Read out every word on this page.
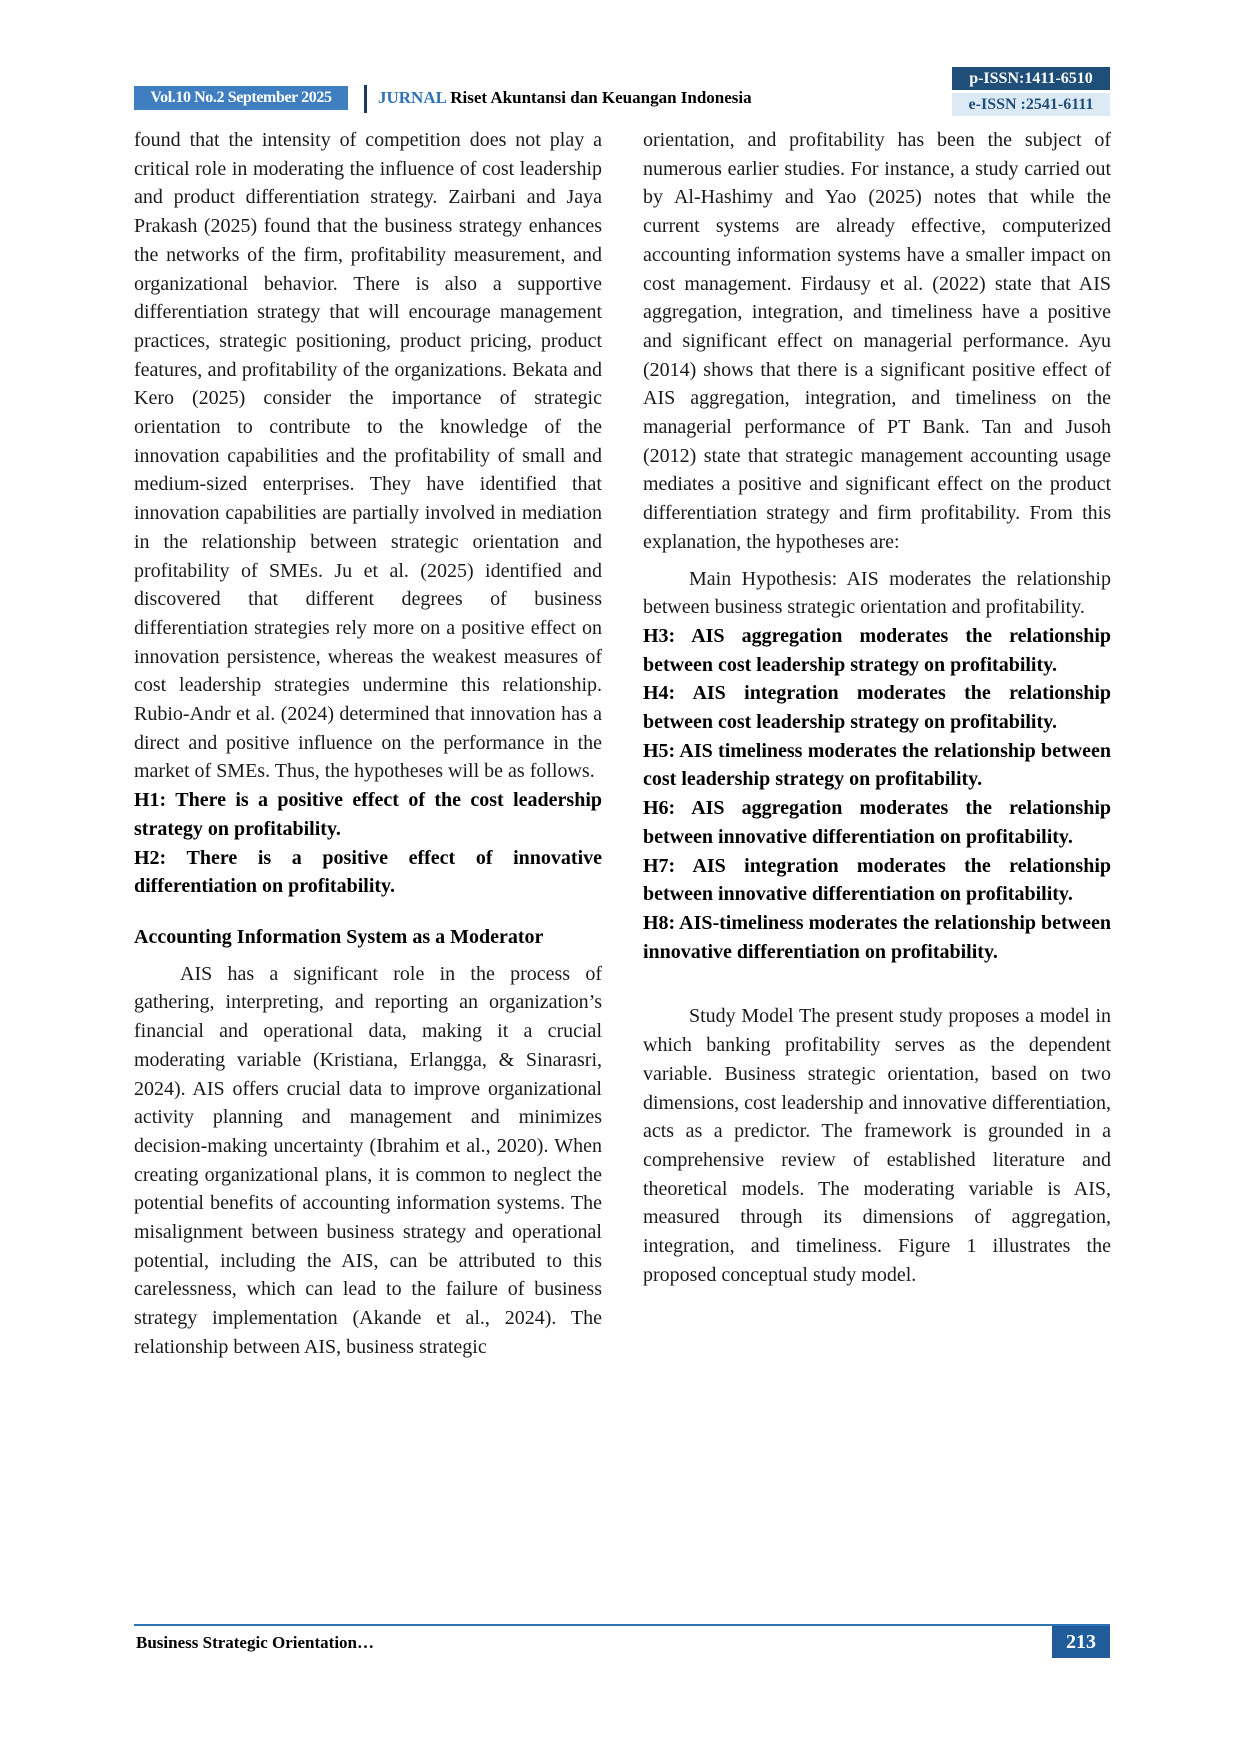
Vol.10 No.2 September 2025	JURNAL Riset Akuntansi dan Keuangan Indonesia
p-ISSN:1411-6510
e-ISSN :2541-6111

found that the intensity of competition does not play a critical role in moderating the influence of cost leadership and product differentiation strategy. Zairbani and Jaya Prakash (2025) found that the business strategy enhances the networks of the firm, profitability measurement, and organizational behavior. There is also a supportive differentiation strategy that will encourage management practices, strategic positioning, product pricing, product features, and profitability of the organizations. Bekata and Kero (2025) consider the importance of strategic orientation to contribute to the knowledge of the innovation capabilities and the profitability of small and medium-sized enterprises. They have identified that innovation capabilities are partially involved in mediation in the relationship between strategic orientation and profitability of SMEs. Ju et al. (2025) identified and discovered that different degrees of business differentiation strategies rely more on a positive effect on innovation persistence, whereas the weakest measures of cost leadership strategies undermine this relationship. Rubio-Andr et al. (2024) determined that innovation has a direct and positive influence on the performance in the market of SMEs. Thus, the hypotheses will be as follows.

H1: There is a positive effect of the cost leadership strategy on profitability.

H2: There is a positive effect of innovative differentiation on profitability.

Accounting Information System as a Moderator

AIS has a significant role in the process of gathering, interpreting, and reporting an organization’s financial and operational data, making it a crucial moderating variable (Kristiana, Erlangga, & Sinarasri, 2024). AIS offers crucial data to improve organizational activity planning and management and minimizes decision-making uncertainty (Ibrahim et al., 2020). When creating organizational plans, it is common to neglect the potential benefits of accounting information systems. The misalignment between business strategy and operational potential, including the AIS, can be attributed to this carelessness, which can lead to the failure of business strategy implementation (Akande et al., 2024). The relationship between AIS, business strategic

orientation, and profitability has been the subject of numerous earlier studies. For instance, a study carried out by Al-Hashimy and Yao (2025) notes that while the current systems are already effective, computerized accounting information systems have a smaller impact on cost management. Firdausy et al. (2022) state that AIS aggregation, integration, and timeliness have a positive and significant effect on managerial performance. Ayu (2014) shows that there is a significant positive effect of AIS aggregation, integration, and timeliness on the managerial performance of PT Bank. Tan and Jusoh (2012) state that strategic management accounting usage mediates a positive and significant effect on the product differentiation strategy and firm profitability. From this explanation, the hypotheses are:

Main Hypothesis: AIS moderates the relationship between business strategic orientation and profitability.

H3: AIS aggregation moderates the relationship between cost leadership strategy on profitability.

H4: AIS integration moderates the relationship between cost leadership strategy on profitability.

H5: AIS timeliness moderates the relationship between cost leadership strategy on profitability.

H6: AIS aggregation moderates the relationship between innovative differentiation on profitability.

H7: AIS integration moderates the relationship between innovative differentiation on profitability.

H8: AIS-timeliness moderates the relationship between innovative differentiation on profitability.

Study Model The present study proposes a model in which banking profitability serves as the dependent variable. Business strategic orientation, based on two dimensions, cost leadership and innovative differentiation, acts as a predictor. The framework is grounded in a comprehensive review of established literature and theoretical models. The moderating variable is AIS, measured through its dimensions of aggregation, integration, and timeliness. Figure 1 illustrates the proposed conceptual study model.

Business Strategic Orientation…	213
